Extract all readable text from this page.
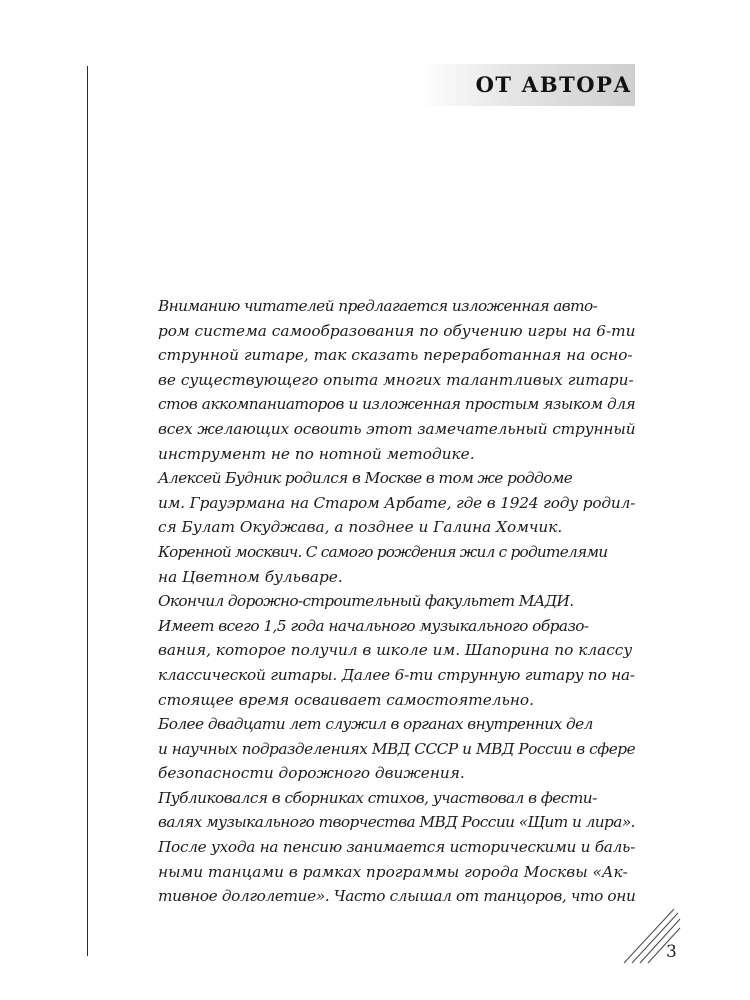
ОТ АВТОРА

Вниманию читателей предлагается изложенная авто-
ром система самообразования по обучению игры на 6-ти
струнной гитаре, так сказать переработанная на осно-
ве существующего опыта многих талантливых гитари-
стов аккомпаниаторов и изложенная простым языком для
всех желающих освоить этот замечательный струнный
инструмент не по нотной методике.

Алексей Будник родился в Москве в том же роддоме
им. Грауэрмана на Старом Арбате, где в 1924 году родил-
ся Булат Окуджава, а позднее и Галина Хомчик.

Коренной москвич. С самого рождения жил с родителями
на Цветном бульваре.

Окончил дорожно-строительный факультет МАДИ.

Имеет всего 1,5 года начального музыкального образо-
вания, которое получил в школе им. Шапорина по классу
классической гитары. Далее 6-ти струнную гитару по на-
стоящее время осваивает самостоятельно.

Более двадцати лет служил в органах внутренних дел
и научных подразделениях МВД СССР и МВД России в сфере
безопасности дорожного движения.

Публиковался в сборниках стихов, участвовал в фести-
валях музыкального творчества МВД России «Щит и лира».
После ухода на пенсию занимается историческими и баль-
ными танцами в рамках программы города Москвы «Ак-
тивное долголетие». Часто слышал от танцоров, что они

3
